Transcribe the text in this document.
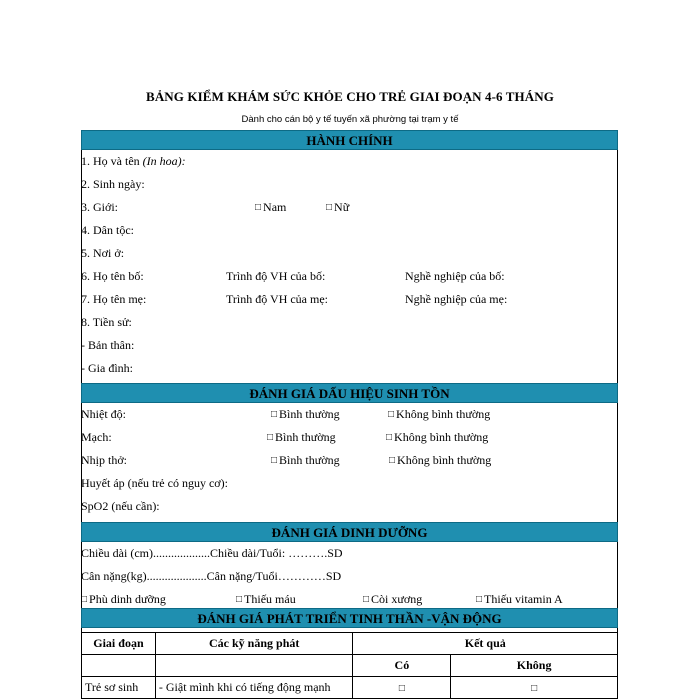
BẢNG KIỂM KHÁM SỨC KHỎE CHO TRẺ GIAI ĐOẠN 4-6 THÁNG
Dành cho cán bộ y tế tuyến xã phường tại trạm y tế
HÀNH CHÍNH
1. Họ và tên (In hoa):
2. Sinh ngày:
3. Giới:	□ Nam	□ Nữ
4. Dân tộc:
5. Nơi ở:
6. Họ tên bố:	Trình độ VH của bố:	Nghề nghiệp của bố:
7. Họ tên mẹ:	Trình độ VH của mẹ:	Nghề nghiệp của mẹ:
8. Tiền sử:
- Bản thân:
- Gia đình:
ĐÁNH GIÁ DẤU HIỆU SINH TỒN
Nhiệt độ:	□ Bình thường	□ Không bình thường
Mạch:	□ Bình thường	□ Không bình thường
Nhịp thở:	□ Bình thường	□ Không bình thường
Huyết áp (nếu trẻ có nguy cơ):
SpO2 (nếu cần):
ĐÁNH GIÁ DINH DƯỠNG
Chiều dài (cm)...................Chiều dài/Tuổi: ……….SD
Cân nặng(kg)....................Cân nặng/Tuổi…………SD
□ Phù dinh dưỡng	□ Thiếu máu	□ Còi xương	□ Thiếu vitamin A
ĐÁNH GIÁ PHÁT TRIỂN TINH THẦN -VẬN ĐỘNG
Giai đoạn	Các kỹ năng phát	Kết quả	
		Có	Không
Trẻ sơ sinh	- Giật mình khi có tiếng động mạnh	□	□
